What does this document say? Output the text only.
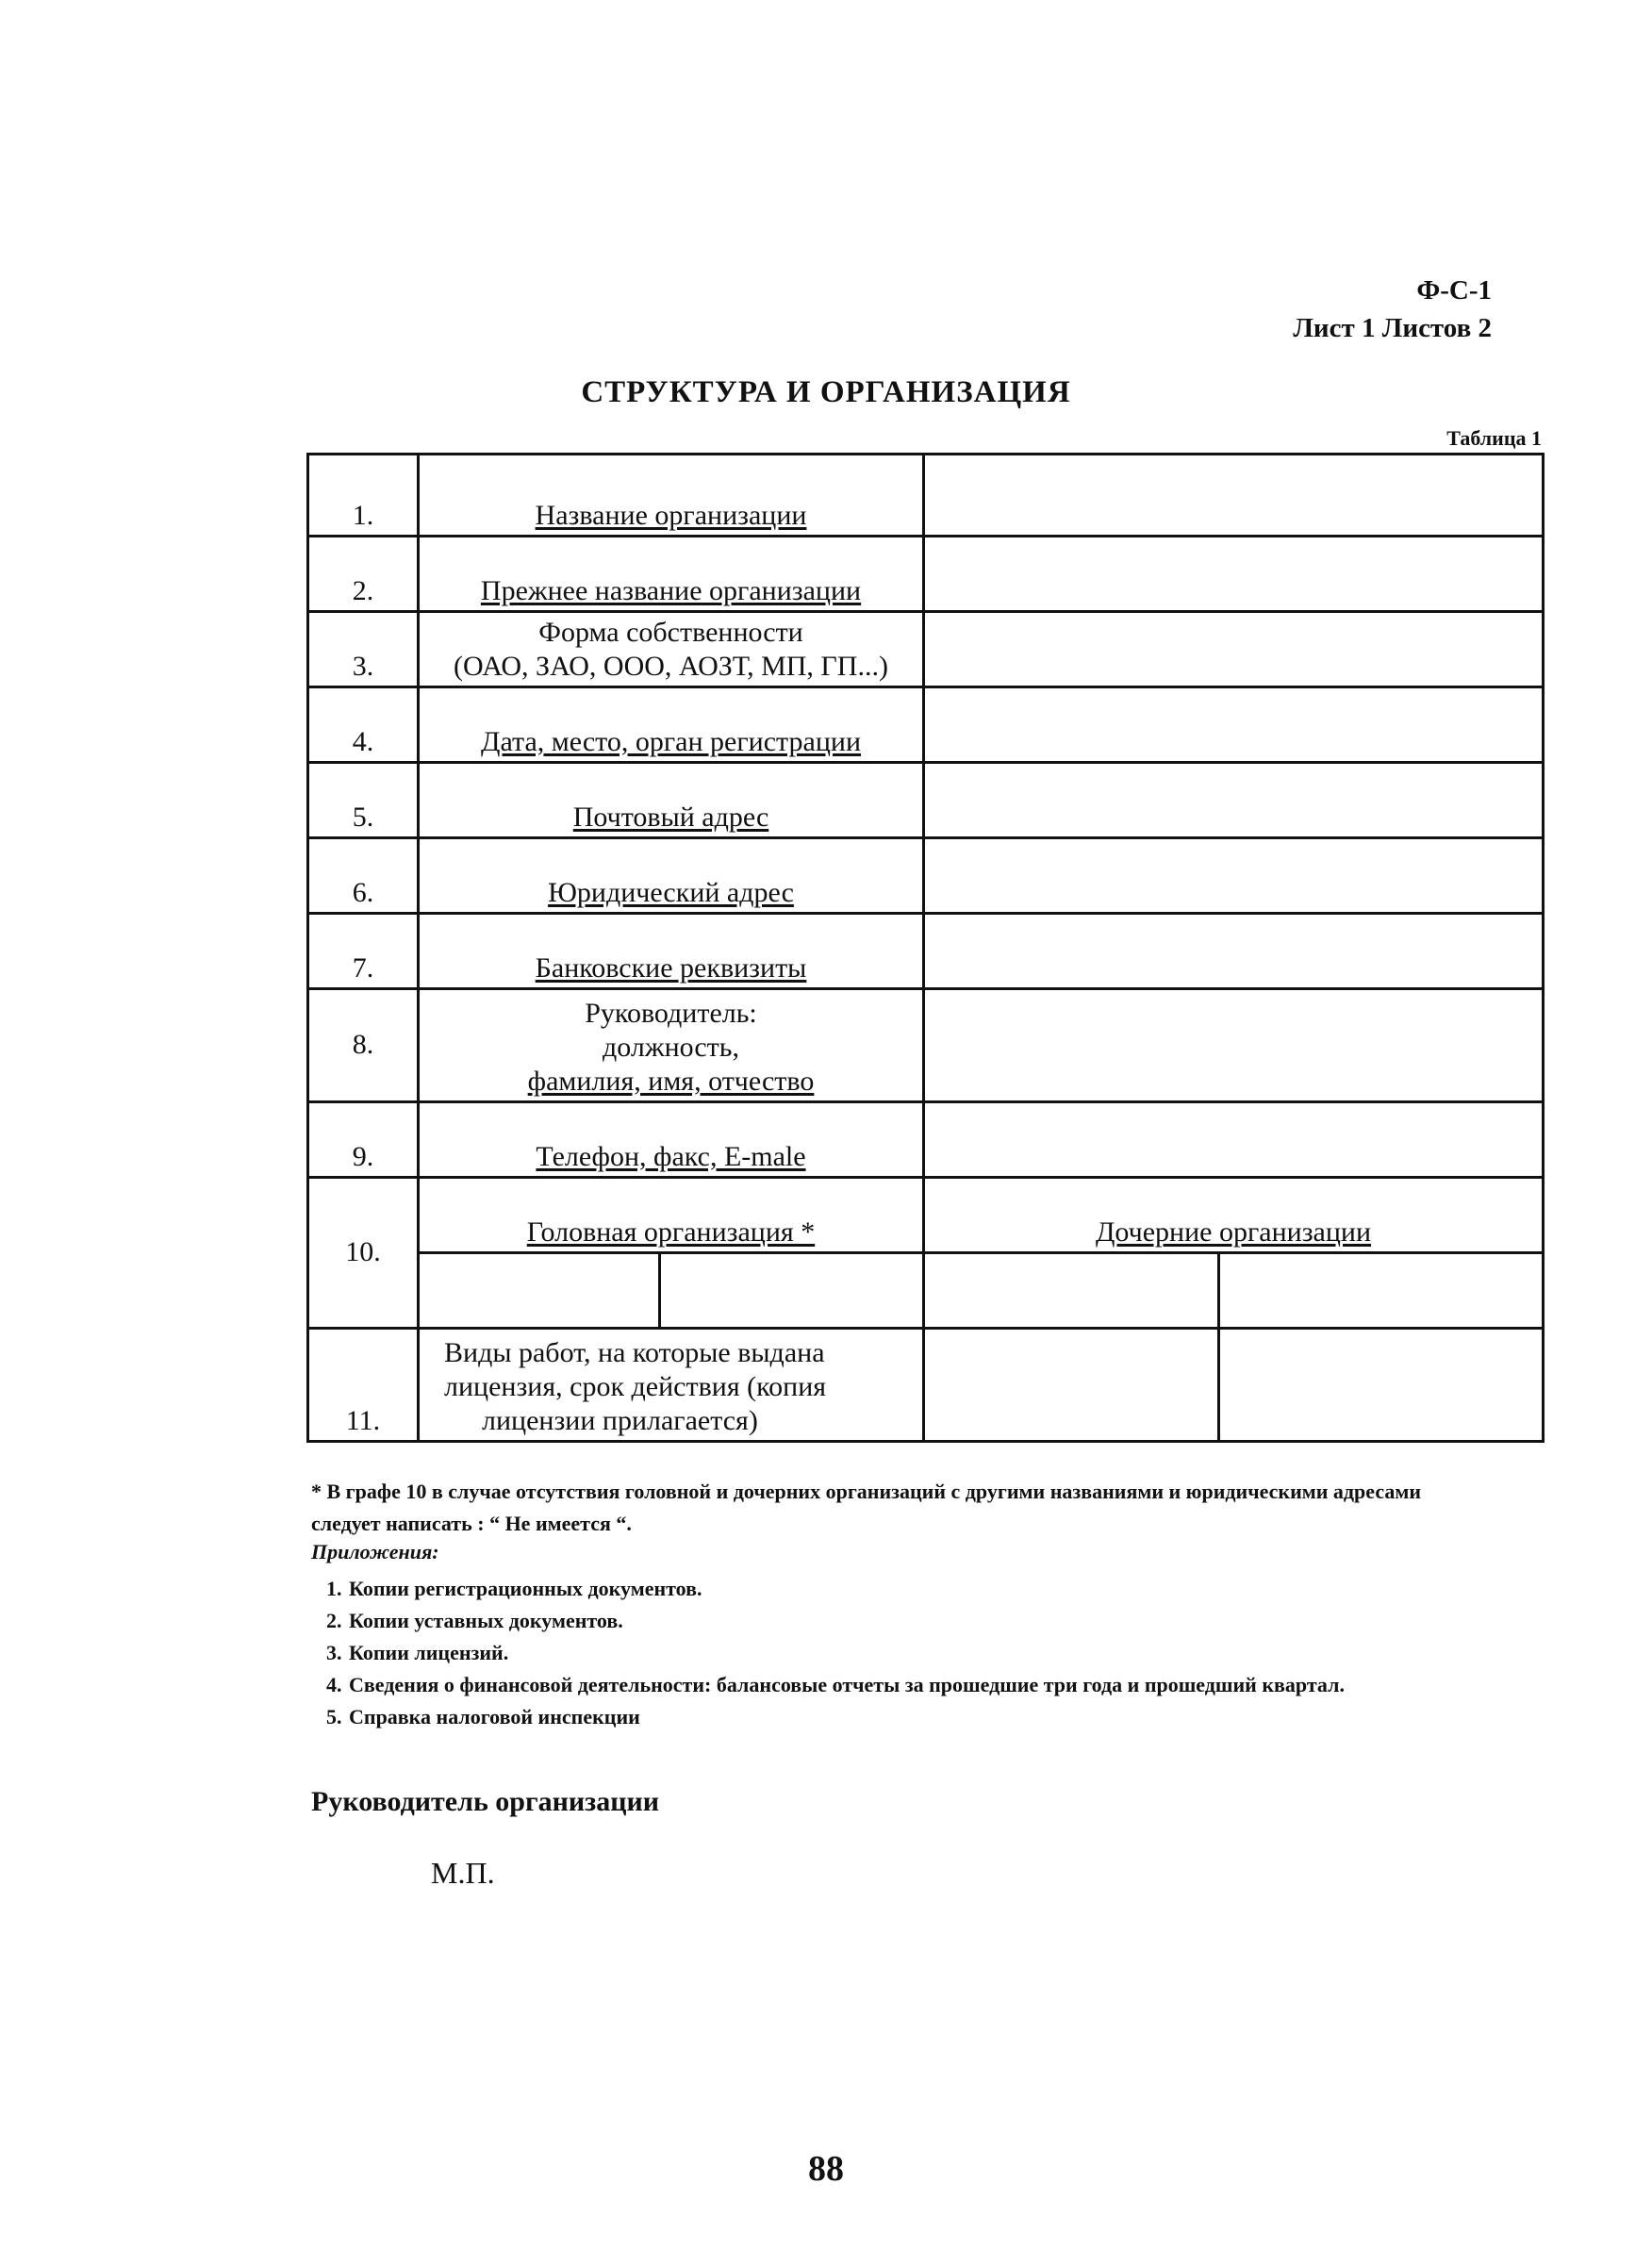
Ф-С-1
Лист 1 Листов 2
СТРУКТУРА И ОРГАНИЗАЦИЯ
Таблица 1
1.	Название организации			
2.	Прежнее название организации			
3.	Форма собственности
(ОАО, ЗАО, ООО, АОЗТ, МП, ГП...)			

4.	Дата, место, орган регистрации			
5.	Почтовый адрес			
6.	Юридический адрес			
7.	Банковские реквизиты			
8.	Руководитель:
должность,
фамилия, имя, отчество			

9.	Телефон, факс, E-male			
10.	Головная организация *		Дочерние организации	

11.	Виды работ, на которые выдана
лицензия, срок действия (копия
лицензии прилагается)			

* В графе 10 в случае отсутствия головной и дочерних организаций с другими названиями и юридическими адресами следует написать : “ Не имеется “.
Приложения:
1. Копии регистрационных документов.
2. Копии уставных документов.
3. Копии лицензий.
4. Сведения о финансовой деятельности: балансовые отчеты за прошедшие три года и прошедший квартал.
5. Справка налоговой инспекции
Руководитель организации
М.П.
88
